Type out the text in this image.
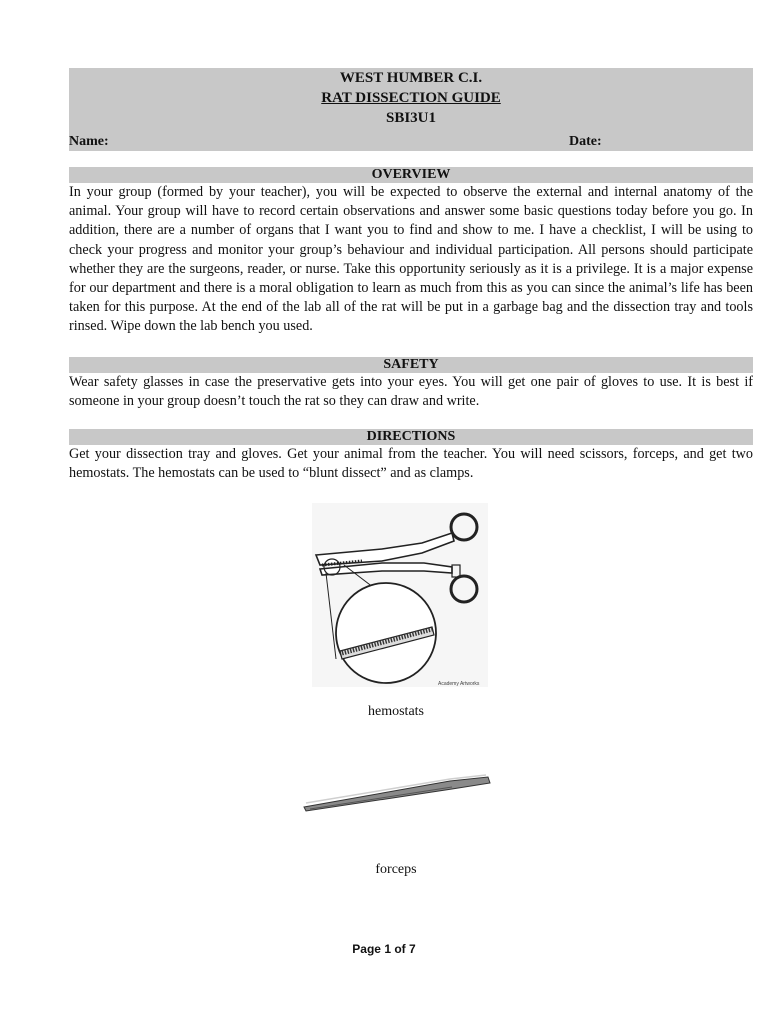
WEST HUMBER C.I.
RAT DISSECTION GUIDE
SBI3U1
Name:	Date:
OVERVIEW

In your group (formed by your teacher), you will be expected to observe the external and internal anatomy of the animal. Your group will have to record certain observations and answer some basic questions today before you go. In addition, there are a number of organs that I want you to find and show to me. I have a checklist, I will be using to check your progress and monitor your group’s behaviour and individual participation. All persons should participate whether they are the surgeons, reader, or nurse. Take this opportunity seriously as it is a privilege. It is a major expense for our department and there is a moral obligation to learn as much from this as you can since the animal’s life has been taken for this purpose. At the end of the lab all of the rat will be put in a garbage bag and the dissection tray and tools rinsed. Wipe down the lab bench you used.

SAFETY

Wear safety glasses in case the preservative gets into your eyes. You will get one pair of gloves to use. It is best if someone in your group doesn’t touch the rat so they can draw and write.

DIRECTIONS

Get your dissection tray and gloves. Get your animal from the teacher. You will need scissors, forceps, and get two hemostats. The hemostats can be used to “blunt dissect” and as clamps.

Academy Artworks
hemostats
forceps
Page 1 of 7
